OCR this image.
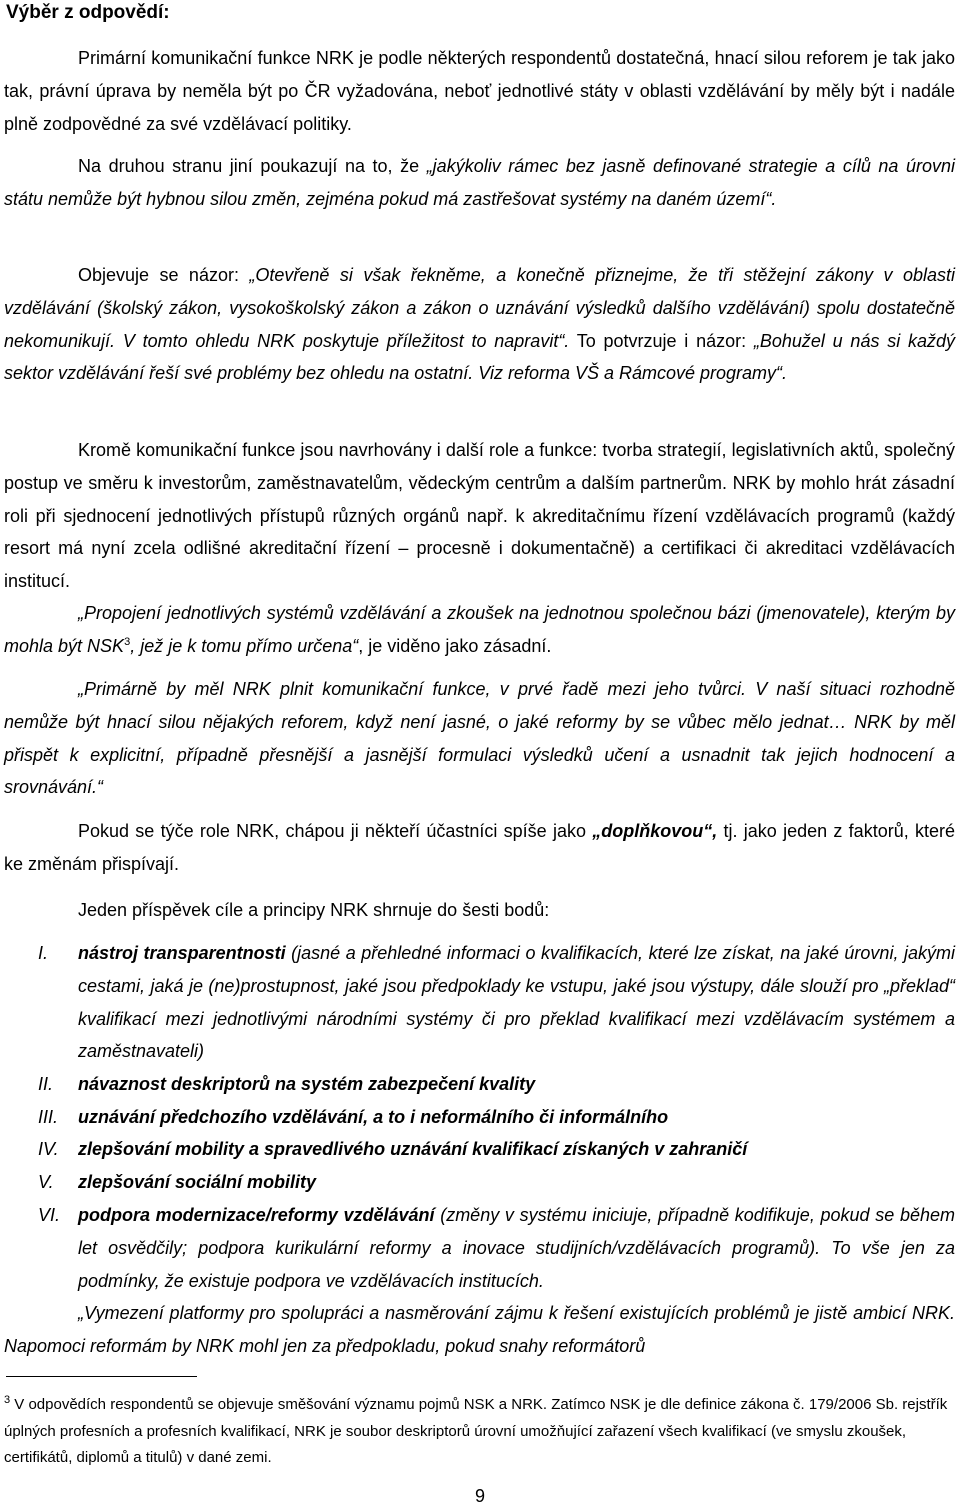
Výběr z odpovědí:

Primární komunikační funkce NRK je podle některých respondentů dostatečná, hnací silou reforem je tak jako tak, právní úprava by neměla být po ČR vyžadována, neboť jednotlivé státy v oblasti vzdělávání by měly být i nadále plně zodpovědné za své vzdělávací politiky.

Na druhou stranu jiní poukazují na to, že „jakýkoliv rámec bez jasně definované strategie a cílů na úrovni státu nemůže být hybnou silou změn, zejména pokud má zastřešovat systémy na daném území“.

Objevuje se názor: „Otevřeně si však řekněme, a konečně přiznejme, že tři stěžejní zákony v oblasti vzdělávání (školský zákon, vysokoškolský zákon a zákon o uznávání výsledků dalšího vzdělávání) spolu dostatečně nekomunikují. V tomto ohledu NRK poskytuje příležitost to napravit“. To potvrzuje i názor: „Bohužel u nás si každý sektor vzdělávání řeší své problémy bez ohledu na ostatní. Viz reforma VŠ a Rámcové programy“.

Kromě komunikační funkce jsou navrhovány i další role a funkce: tvorba strategií, legislativních aktů, společný postup ve směru k investorům, zaměstnavatelům, vědeckým centrům a dalším partnerům. NRK by mohlo hrát zásadní roli při sjednocení jednotlivých přístupů různých orgánů např. k akreditačnímu řízení vzdělávacích programů (každý resort má nyní zcela odlišné akreditační řízení – procesně i dokumentačně) a certifikaci či akreditaci vzdělávacích institucí.

„Propojení jednotlivých systémů vzdělávání a zkoušek na jednotnou společnou bázi (jmenovatele), kterým by mohla být NSK$^3$, jež je k tomu přímo určena“, je viděno jako zásadní.

„Primárně by měl NRK plnit komunikační funkce, v prvé řadě mezi jeho tvůrci. V naší situaci rozhodně nemůže být hnací silou nějakých reforem, když není jasné, o jaké reformy by se vůbec mělo jednat… NRK by měl přispět k explicitní, případně přesnější a jasnější formulaci výsledků učení a usnadnit tak jejich hodnocení a srovnávání.“

Pokud se týče role NRK, chápou ji někteří účastníci spíše jako „doplňkovou“, tj. jako jeden z faktorů, které ke změnám přispívají.

Jeden příspěvek cíle a principy NRK shrnuje do šesti bodů:

I. nástroj transparentnosti (jasné a přehledné informaci o kvalifikacích, které lze získat, na jaké úrovni, jakými cestami, jaká je (ne)prostupnost, jaké jsou předpoklady ke vstupu, jaké jsou výstupy, dále slouží pro „překlad“ kvalifikací mezi jednotlivými národními systémy či pro překlad kvalifikací mezi vzdělávacím systémem a zaměstnavateli)
II. návaznost deskriptorů na systém zabezpečení kvality
III. uznávání předchozího vzdělávání, a to i neformálního či informálního
IV. zlepšování mobility a spravedlivého uznávání kvalifikací získaných v zahraničí
V. zlepšování sociální mobility
VI. podpora modernizace/reformy vzdělávání (změny v systému iniciuje, případně kodifikuje, pokud se během let osvědčily; podpora kurikulární reformy a inovace studijních/vzdělávacích programů). To vše jen za podmínky, že existuje podpora ve vzdělávacích institucích.

„Vymezení platformy pro spolupráci a nasměrování zájmu k řešení existujících problémů je jistě ambicí NRK. Napomoci reformám by NRK mohl jen za předpokladu, pokud snahy reformátorů

$^3$ V odpovědích respondentů se objevuje směšování významu pojmů NSK a NRK. Zatímco NSK je dle definice zákona č. 179/2006 Sb. rejstřík úplných profesních a profesních kvalifikací, NRK je soubor deskriptorů úrovní umožňující zařazení všech kvalifikací (ve smyslu zkoušek, certifikátů, diplomů a titulů) v dané zemi.

9
